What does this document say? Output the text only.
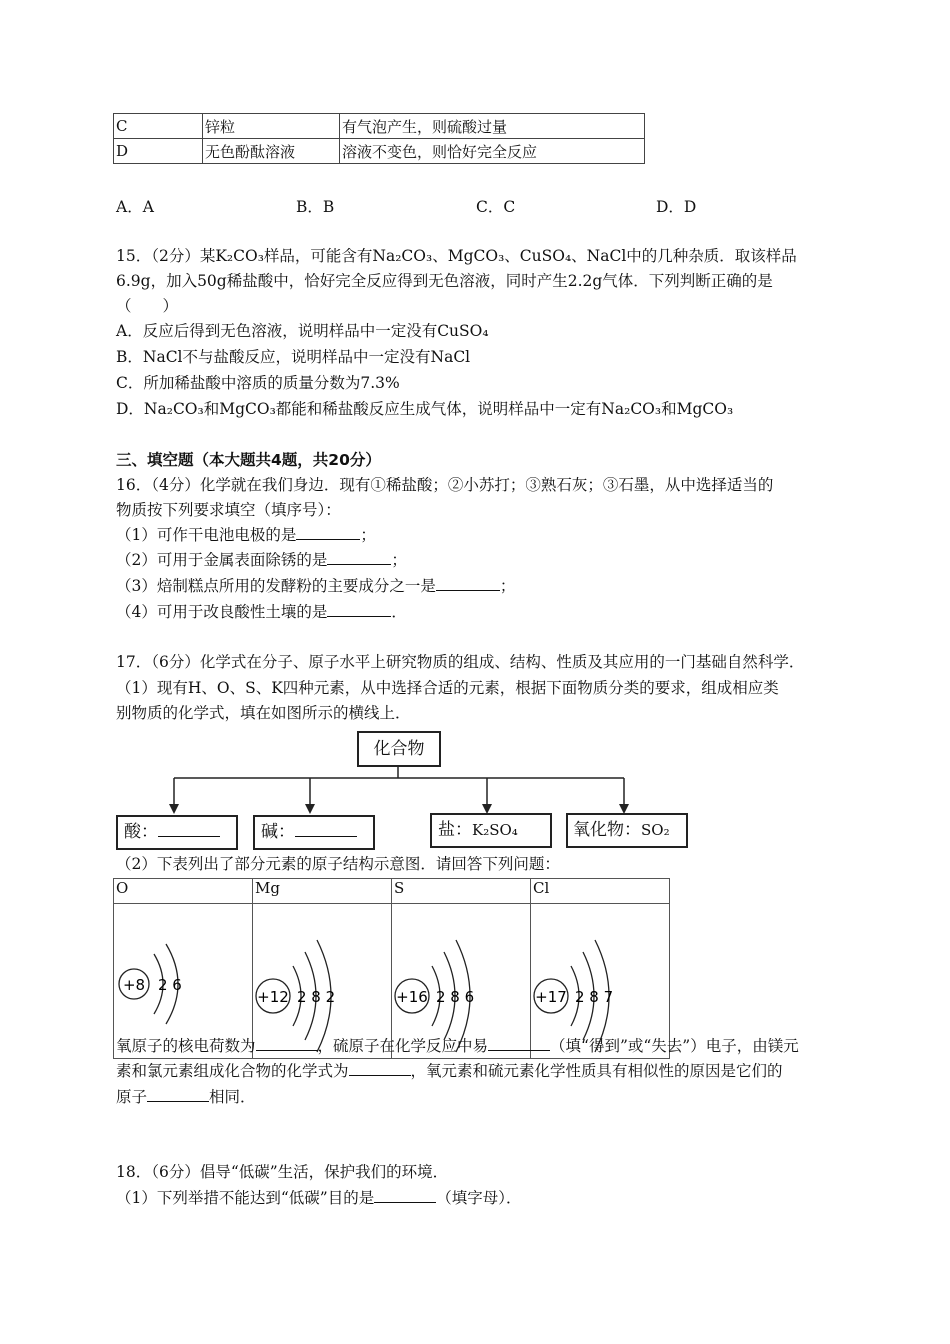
C	锌粒	有气泡产生，则硫酸过量
D	无色酚酞溶液	溶液不变色，则恰好完全反应
A．A	B．B	C．C	D．D
15．（2分）某K₂CO₃样品，可能含有Na₂CO₃、MgCO₃、CuSO₄、NaCl中的几种杂质．取该样品
6.9g，加入50g稀盐酸中，恰好完全反应得到无色溶液，同时产生2.2g气体．下列判断正确的是
（　　）
A．反应后得到无色溶液，说明样品中一定没有CuSO₄
B．NaCl不与盐酸反应，说明样品中一定没有NaCl
C．所加稀盐酸中溶质的质量分数为7.3%
D．Na₂CO₃和MgCO₃都能和稀盐酸反应生成气体，说明样品中一定有Na₂CO₃和MgCO₃
三、填空题（本大题共4题，共20分）
16．（4分）化学就在我们身边．现有①稀盐酸；②小苏打；③熟石灰；③石墨，从中选择适当的
物质按下列要求填空（填序号）：
（1）可作干电池电极的是	；
（2）可用于金属表面除锈的是	；
（3）焙制糕点所用的发酵粉的主要成分之一是	；
（4）可用于改良酸性土壤的是	．
17．（6分）化学式在分子、原子水平上研究物质的组成、结构、性质及其应用的一门基础自然科学．
（1）现有H、O、S、K四种元素，从中选择合适的元素，根据下面物质分类的要求，组成相应类
别物质的化学式，填在如图所示的横线上．
化合物
酸：	碱：	盐：K₂SO₄	氧化物：SO₂
（2）下表列出了部分元素的原子结构示意图．请回答下列问题：
O	Mg	S	Cl

+8 2 6	+12 2 8 2	+16 2 8 6	+17 2 8 7
氧原子的核电荷数为	，硫原子在化学反应中易	（填“得到”或“失去”）电子，由镁元
素和氯元素组成化合物的化学式为	，氧元素和硫元素化学性质具有相似性的原因是它们的
原子	相同．
18．（6分）倡导“低碳”生活，保护我们的环境．
（1）下列举措不能达到“低碳”目的是	（填字母）．
